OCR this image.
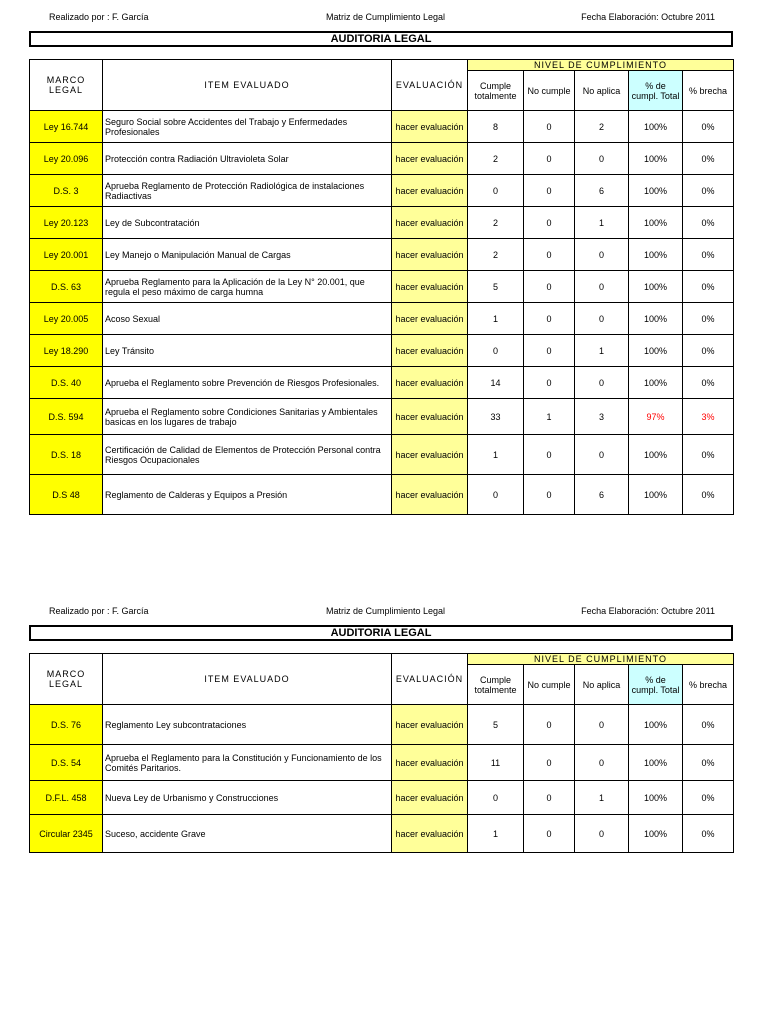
Realizado por : F. García	Matriz de Cumplimiento Legal	Fecha Elaboración: Octubre 2011
AUDITORIA LEGAL
MARCO LEGAL	ITEM EVALUADO	EVALUACIÓN	NIVEL DE CUMPLIMIENTO				
			Cumple totalmente	No cumple	No aplica	% de cumpl. Total	% brecha
Ley 16.744	Seguro Social sobre Accidentes del Trabajo y Enfermedades Profesionales	hacer evaluación	8	0	2	100%	0%
Ley 20.096	Protección contra Radiación Ultravioleta Solar	hacer evaluación	2	0	0	100%	0%
D.S. 3	Aprueba Reglamento de Protección Radiológica de instalaciones Radiactivas	hacer evaluación	0	0	6	100%	0%
Ley 20.123	Ley de Subcontratación	hacer evaluación	2	0	1	100%	0%
Ley 20.001	Ley Manejo o Manipulación Manual de Cargas	hacer evaluación	2	0	0	100%	0%
D.S. 63	Aprueba Reglamento para la Aplicación de la Ley N° 20.001, que regula el peso máximo de carga humna	hacer evaluación	5	0	0	100%	0%
Ley 20.005	Acoso Sexual	hacer evaluación	1	0	0	100%	0%
Ley 18.290	Ley Tránsito	hacer evaluación	0	0	1	100%	0%
D.S. 40	Aprueba el Reglamento sobre Prevención de Riesgos Profesionales.	hacer evaluación	14	0	0	100%	0%
D.S. 594	Aprueba el Reglamento sobre Condiciones Sanitarias y Ambientales basicas en los lugares de trabajo	hacer evaluación	33	1	3	97%	3%
D.S. 18	Certificación de Calidad de Elementos de Protección Personal contra Riesgos Ocupacionales	hacer evaluación	1	0	0	100%	0%
D.S 48	Reglamento de Calderas y Equipos a Presión	hacer evaluación	0	0	6	100%	0%
Realizado por : F. García	Matriz de Cumplimiento Legal	Fecha Elaboración: Octubre 2011
AUDITORIA LEGAL
MARCO LEGAL	ITEM EVALUADO	EVALUACIÓN	NIVEL DE CUMPLIMIENTO				
			Cumple totalmente	No cumple	No aplica	% de cumpl. Total	% brecha
D.S. 76	Reglamento Ley subcontrataciones	hacer evaluación	5	0	0	100%	0%
D.S. 54	Aprueba el Reglamento para la Constitución y Funcionamiento de los Comités Paritarios.	hacer evaluación	11	0	0	100%	0%
D.F.L. 458	Nueva Ley de Urbanismo y Construcciones	hacer evaluación	0	0	1	100%	0%
Circular 2345	Suceso, accidente Grave	hacer evaluación	1	0	0	100%	0%
